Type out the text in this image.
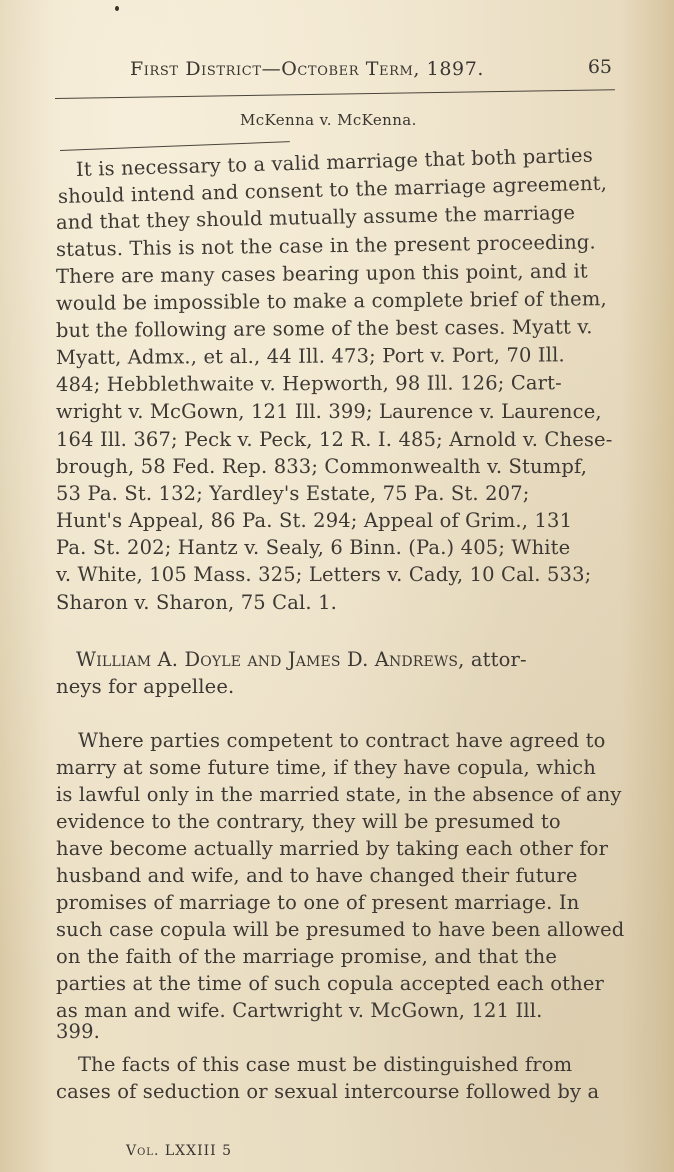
First District—October Term, 1897.	65
McKenna v. McKenna.
It is necessary to a valid marriage that both parties
should intend and consent to the marriage agreement,
and that they should mutually assume the marriage
status. This is not the case in the present proceeding.
There are many cases bearing upon this point, and it
would be impossible to make a complete brief of them,
but the following are some of the best cases. Myatt v.
Myatt, Admx., et al., 44 Ill. 473; Port v. Port, 70 Ill.
484; Hebblethwaite v. Hepworth, 98 Ill. 126; Cart-
wright v. McGown, 121 Ill. 399; Laurence v. Laurence,
164 Ill. 367; Peck v. Peck, 12 R. I. 485; Arnold v. Chese-
brough, 58 Fed. Rep. 833; Commonwealth v. Stumpf,
53 Pa. St. 132; Yardley's Estate, 75 Pa. St. 207;
Hunt's Appeal, 86 Pa. St. 294; Appeal of Grim., 131
Pa. St. 202; Hantz v. Sealy, 6 Binn. (Pa.) 405; White
v. White, 105 Mass. 325; Letters v. Cady, 10 Cal. 533;
Sharon v. Sharon, 75 Cal. 1.
William A. Doyle and James D. Andrews, attor-
neys for appellee.
Where parties competent to contract have agreed to
marry at some future time, if they have copula, which
is lawful only in the married state, in the absence of any
evidence to the contrary, they will be presumed to
have become actually married by taking each other for
husband and wife, and to have changed their future
promises of marriage to one of present marriage. In
such case copula will be presumed to have been allowed
on the faith of the marriage promise, and that the
parties at the time of such copula accepted each other
as man and wife. Cartwright v. McGown, 121 Ill.
399.
The facts of this case must be distinguished from
cases of seduction or sexual intercourse followed by a
Vol. LXXIII 5
